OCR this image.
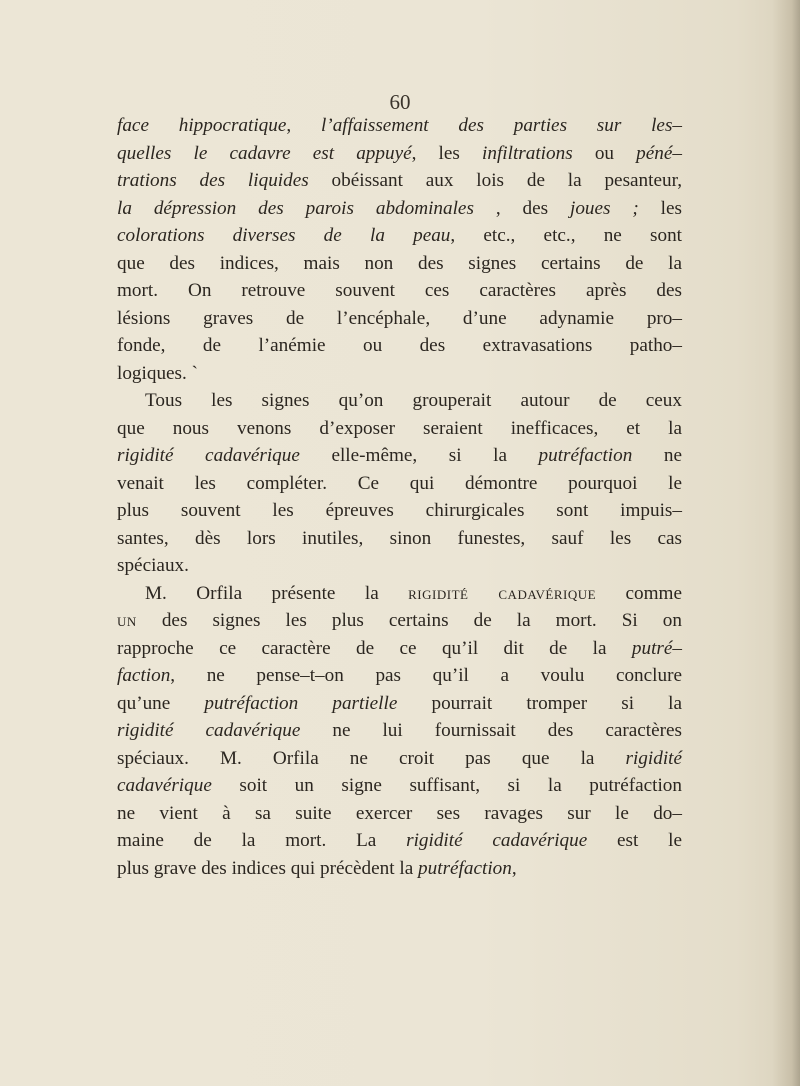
60
face hippocratique, l’affaissement des parties sur les–
quelles le cadavre est appuyé, les infiltrations ou péné–
trations des liquides obéissant aux lois de la pesanteur,
la dépression des parois abdominales , des joues ; les
colorations diverses de la peau, etc., etc., ne sont
que des indices, mais non des signes certains de la
mort. On retrouve souvent ces caractères après des
lésions graves de l’encéphale, d’une adynamie pro–
fonde, de l’anémie ou des extravasations patho–
logiques. `
Tous les signes qu’on grouperait autour de ceux
que nous venons d’exposer seraient inefficaces, et la
rigidité cadavérique elle-même, si la putréfaction ne
venait les compléter. Ce qui démontre pourquoi le
plus souvent les épreuves chirurgicales sont impuis–
santes, dès lors inutiles, sinon funestes, sauf les cas
spéciaux.
M. Orfila présente la rigidité cadavérique comme
un des signes les plus certains de la mort. Si on
rapproche ce caractère de ce qu’il dit de la putré–
faction, ne pense–t–on pas qu’il a voulu conclure
qu’une putréfaction partielle pourrait tromper si la
rigidité cadavérique ne lui fournissait des caractères
spéciaux. M. Orfila ne croit pas que la rigidité
cadavérique soit un signe suffisant, si la putréfaction
ne vient à sa suite exercer ses ravages sur le do–
maine de la mort. La rigidité cadavérique est le
plus grave des indices qui précèdent la putréfaction,
